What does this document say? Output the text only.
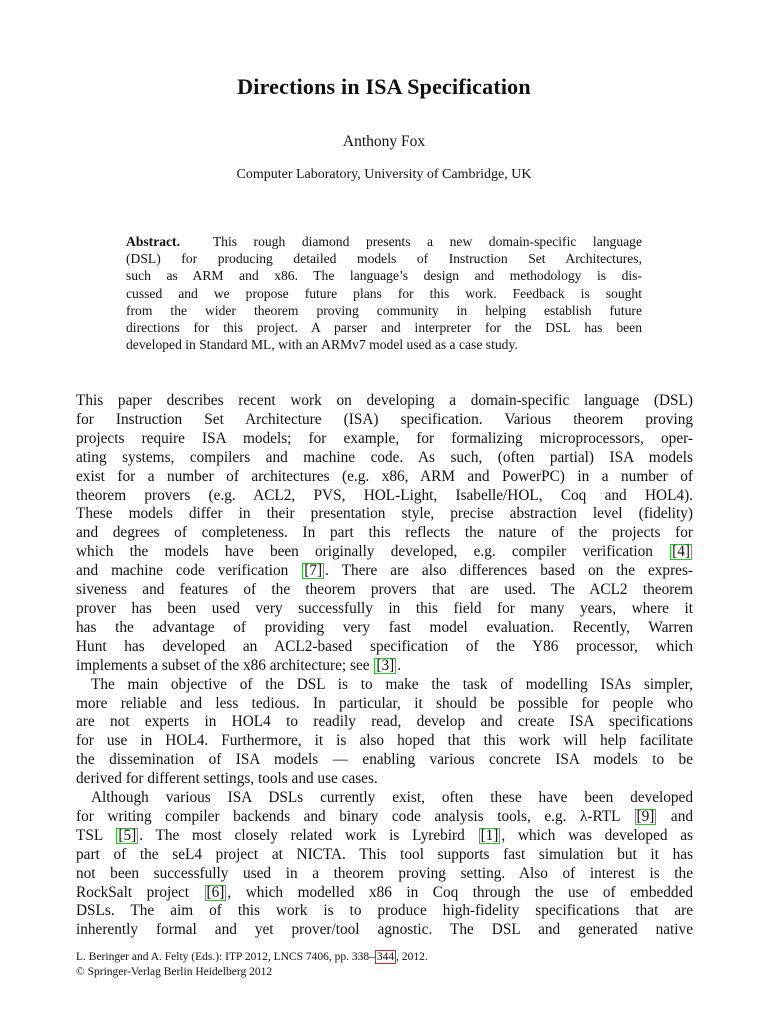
Directions in ISA Specification
Anthony Fox
Computer Laboratory, University of Cambridge, UK
Abstract. This rough diamond presents a new domain-specific language
(DSL) for producing detailed models of Instruction Set Architectures,
such as ARM and x86. The language’s design and methodology is dis-
cussed and we propose future plans for this work. Feedback is sought
from the wider theorem proving community in helping establish future
directions for this project. A parser and interpreter for the DSL has been
developed in Standard ML, with an ARMv7 model used as a case study.
This paper describes recent work on developing a domain-specific language (DSL)
for Instruction Set Architecture (ISA) specification. Various theorem proving
projects require ISA models; for example, for formalizing microprocessors, oper-
ating systems, compilers and machine code. As such, (often partial) ISA models
exist for a number of architectures (e.g. x86, ARM and PowerPC) in a number of
theorem provers (e.g. ACL2, PVS, HOL-Light, Isabelle/HOL, Coq and HOL4).
These models differ in their presentation style, precise abstraction level (fidelity)
and degrees of completeness. In part this reflects the nature of the projects for
which the models have been originally developed, e.g. compiler verification [4]
and machine code verification [7] . There are also differences based on the expres-
siveness and features of the theorem provers that are used. The ACL2 theorem
prover has been used very successfully in this field for many years, where it
has the advantage of providing very fast model evaluation. Recently, Warren
Hunt has developed an ACL2-based specification of the Y86 processor, which
implements a subset of the x86 architecture; see [3] .
The main objective of the DSL is to make the task of modelling ISAs simpler,
more reliable and less tedious. In particular, it should be possible for people who
are not experts in HOL4 to readily read, develop and create ISA specifications
for use in HOL4. Furthermore, it is also hoped that this work will help facilitate
the dissemination of ISA models — enabling various concrete ISA models to be
derived for different settings, tools and use cases.
Although various ISA DSLs currently exist, often these have been developed
for writing compiler backends and binary code analysis tools, e.g. λ-RTL [9] and
TSL [5] . The most closely related work is Lyrebird [1] , which was developed as
part of the seL4 project at NICTA. This tool supports fast simulation but it has
not been successfully used in a theorem proving setting. Also of interest is the
RockSalt project [6] , which modelled x86 in Coq through the use of embedded
DSLs. The aim of this work is to produce high-fidelity specifications that are
inherently formal and yet prover/tool agnostic. The DSL and generated native
L. Beringer and A. Felty (Eds.): ITP 2012, LNCS 7406, pp. 338– 344 , 2012.
© Springer-Verlag Berlin Heidelberg 2012
